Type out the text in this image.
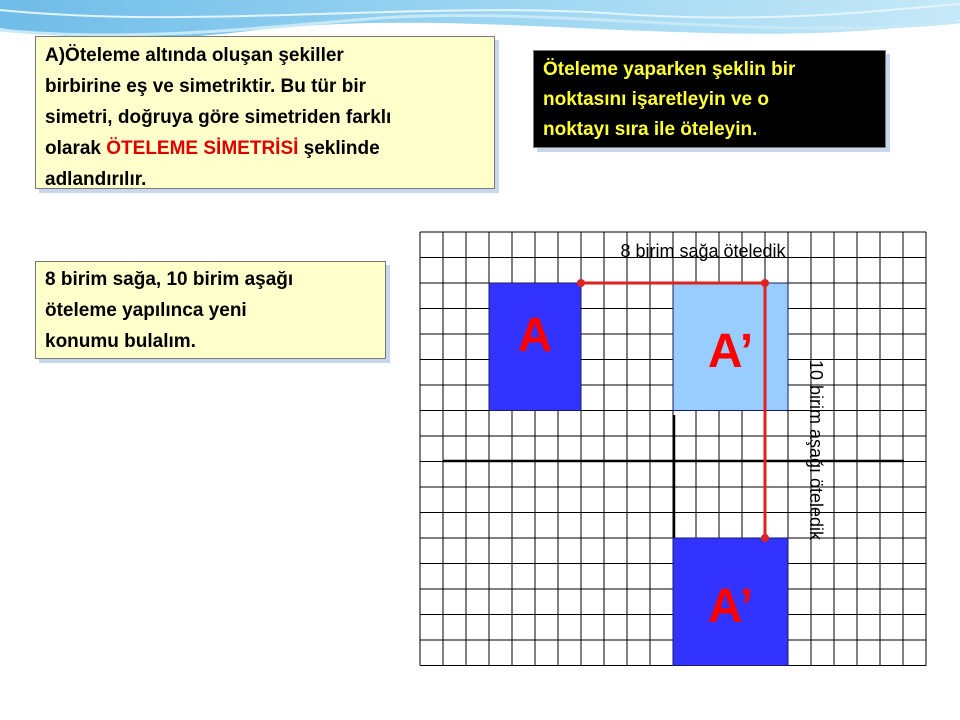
A)Öteleme altında oluşan şekiller
birbirine eş ve simetriktir. Bu tür bir
simetri, doğruya göre simetriden farklı
olarak ÖTELEME SİMETRİSİ şeklinde
adlandırılır.
Öteleme yaparken şeklin bir
noktasını işaretleyin ve o
noktayı sıra ile öteleyin.
8 birim sağa, 10 birim aşağı
öteleme yapılınca yeni
konumu bulalım.	A	A’
A’
8 birim sağa öteledik
10 birim aşağı öteledik
